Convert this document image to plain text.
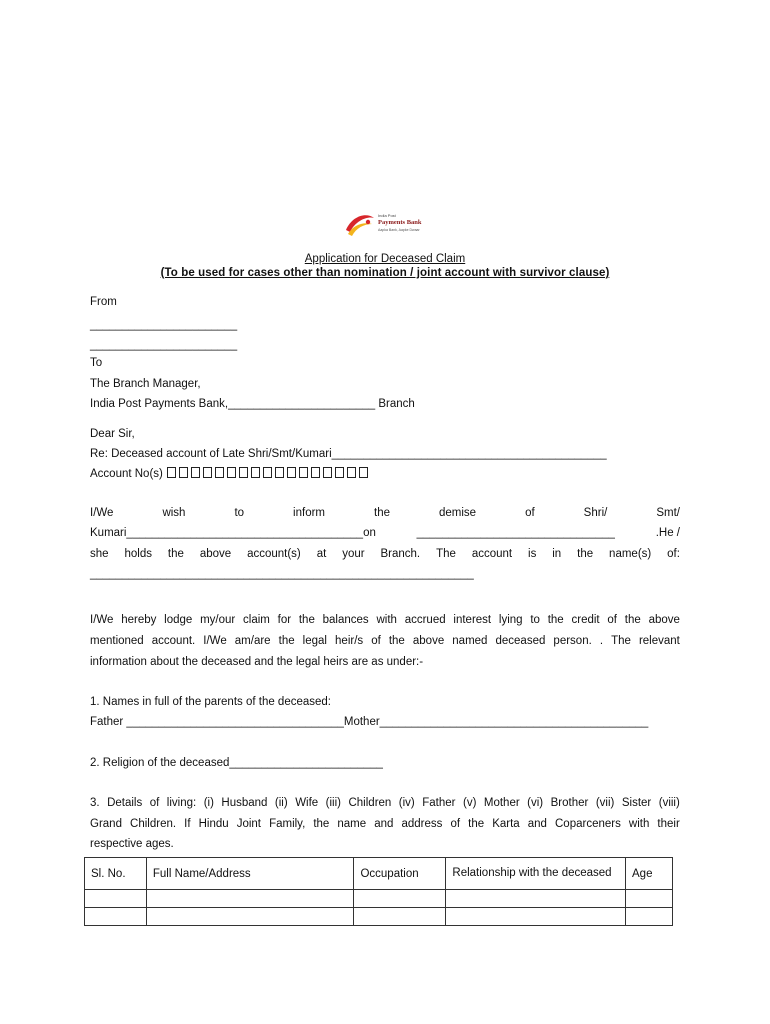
India Post
Payments Bank
Aapka Bank, Aapke Dwaar
Application for Deceased Claim
(To be used for cases other than nomination / joint account with survivor clause)
From
_______________________
_______________________
To
The Branch Manager,
India Post Payments Bank,_______________________ Branch
Dear Sir,
Re: Deceased account of Late Shri/Smt/Kumari___________________________________________
Account No(s)
I/We	wish	to	inform	the	demise	of	Shri/	Smt/
Kumari_____________________________________on	_______________________________	.He /
she holds the above account(s) at your Branch. The account is in the name(s) of:
____________________________________________________________
I/We hereby lodge my/our claim for the balances with accrued interest lying to the credit of the above
mentioned account. I/We am/are the legal heir/s of the above named deceased person. . The relevant
information about the deceased and the legal heirs are as under:-
1. Names in full of the parents of the deceased:
Father __________________________________Mother__________________________________________
2. Religion of the deceased________________________
3. Details of living: (i) Husband (ii) Wife (iii) Children (iv) Father (v) Mother (vi) Brother (vii) Sister (viii)
Grand Children. If Hindu Joint Family, the name and address of the Karta and Coparceners with their
respective ages.
Sl. No.	Full Name/Address	Occupation	Relationship with the deceased	Age
